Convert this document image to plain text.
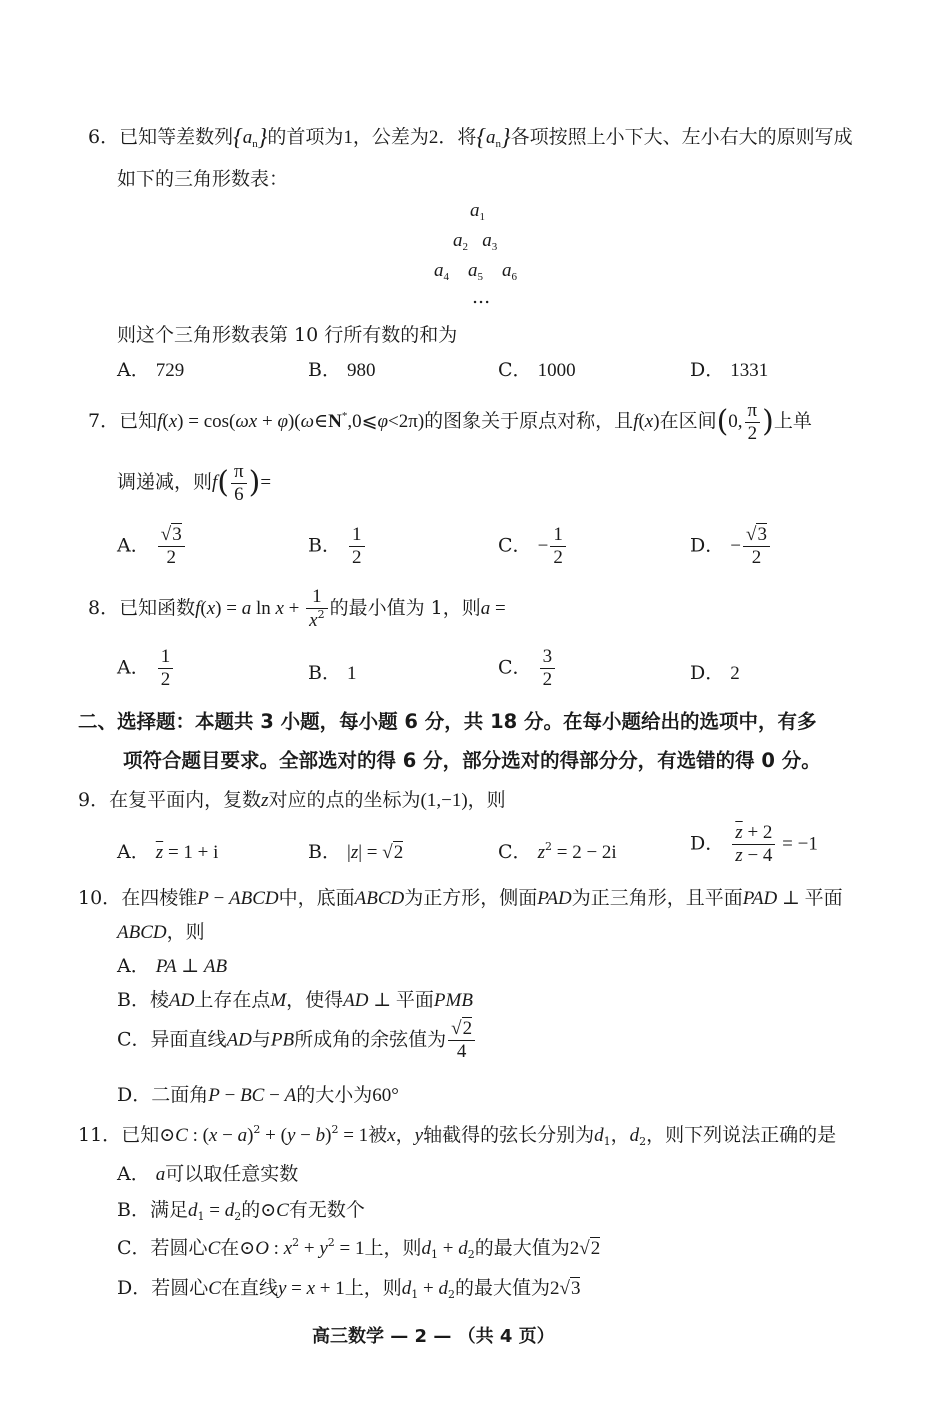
6．已知等差数列$\{a_n\}$的首项为1，公差为2．将$\{a_n\}$各项按照上小下大、左小右大的原则写成
如下的三角形数表：
$a_1$
$a_2$   $a_3$
$a_4$    $a_5$    $a_6$
...
则这个三角形数表第 10 行所有数的和为
A． 729	B． 980	C． 1000	D． 1331
7．已知f(x) = cos(ωx + φ)(ω∈N*,0⩽φ<2π)的图象关于原点对称，且f(x)在区间(0, $\frac{\pi}{2}$ )上单
调递减，则$f( \frac{\pi}{6}$ )=
A． $\frac{√3}{2}$	B． $\frac{1}{2}$	C． − $\frac{1}{2}$	D． − $\frac{√3}{2}$
8．已知函数f(x) = a $\ln x + \frac{1}{x^2}$ 的最小值为 1，则a =
A． $\frac{1}{2}$	B． 1	C． $\frac{3}{2}$	D． 2
二、选择题：本题共 3 小题，每小题 6 分，共 18 分。在每小题给出的选项中，有多
项符合题目要求。全部选对的得 6 分，部分选对的得部分分，有选错的得 0 分。
9．在复平面内，复数z对应的点的坐标为(1,−1)，则
A． $\overline{z} = 1 + i$	B． |z| = √2	C． $z^2 = 2 - 2i$	D． $\frac{\overline{z} + 2}{z - 4} = -1$
10．在四棱锥P − ABCD中，底面ABCD为正方形，侧面PAD为正三角形，且平面PAD ⊥ 平面
ABCD，则
A． PA ⊥ AB
B．棱AD上存在点M，使得AD ⊥ 平面PMB
C．异面直线AD与PB所成角的余弦值为 $\frac{√2}{4}$
D．二面角P − BC − A的大小为60°
11．已知⊙C : $(x - a)^2 + (y - b)^2 = 1$被x，y轴截得的弦长分别为$d_1$，$d_2$，则下列说法正确的是
A． a可以取任意实数
B．满足$d_1 = d_2$的⊙C有无数个
C．若圆心C在⊙O : $x^2 + y^2 = 1$上，则$d_1 + d_2$的最大值为2√2
D．若圆心C在直线y = x + 1上，则$d_1 + d_2$的最大值为2√3
高三数学 — 2 — （共 4 页）
